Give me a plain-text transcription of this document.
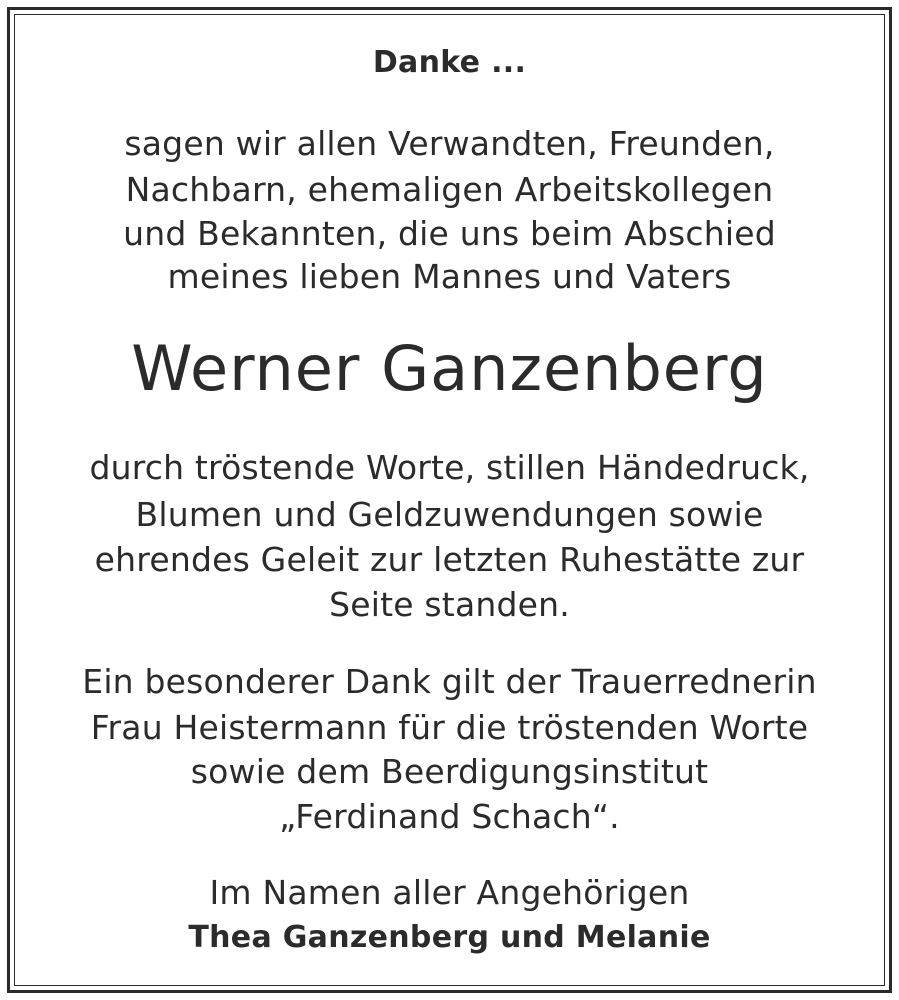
Danke ...
sagen wir allen Verwandten, Freunden,
Nachbarn, ehemaligen Arbeitskollegen
und Bekannten, die uns beim Abschied
meines lieben Mannes und Vaters
Werner Ganzenberg
durch tröstende Worte, stillen Händedruck,
Blumen und Geldzuwendungen sowie
ehrendes Geleit zur letzten Ruhestätte zur
Seite standen.
Ein besonderer Dank gilt der Trauerrednerin
Frau Heistermann für die tröstenden Worte
sowie dem Beerdigungsinstitut
„Ferdinand Schach“.
Im Namen aller Angehörigen
Thea Ganzenberg und Melanie
